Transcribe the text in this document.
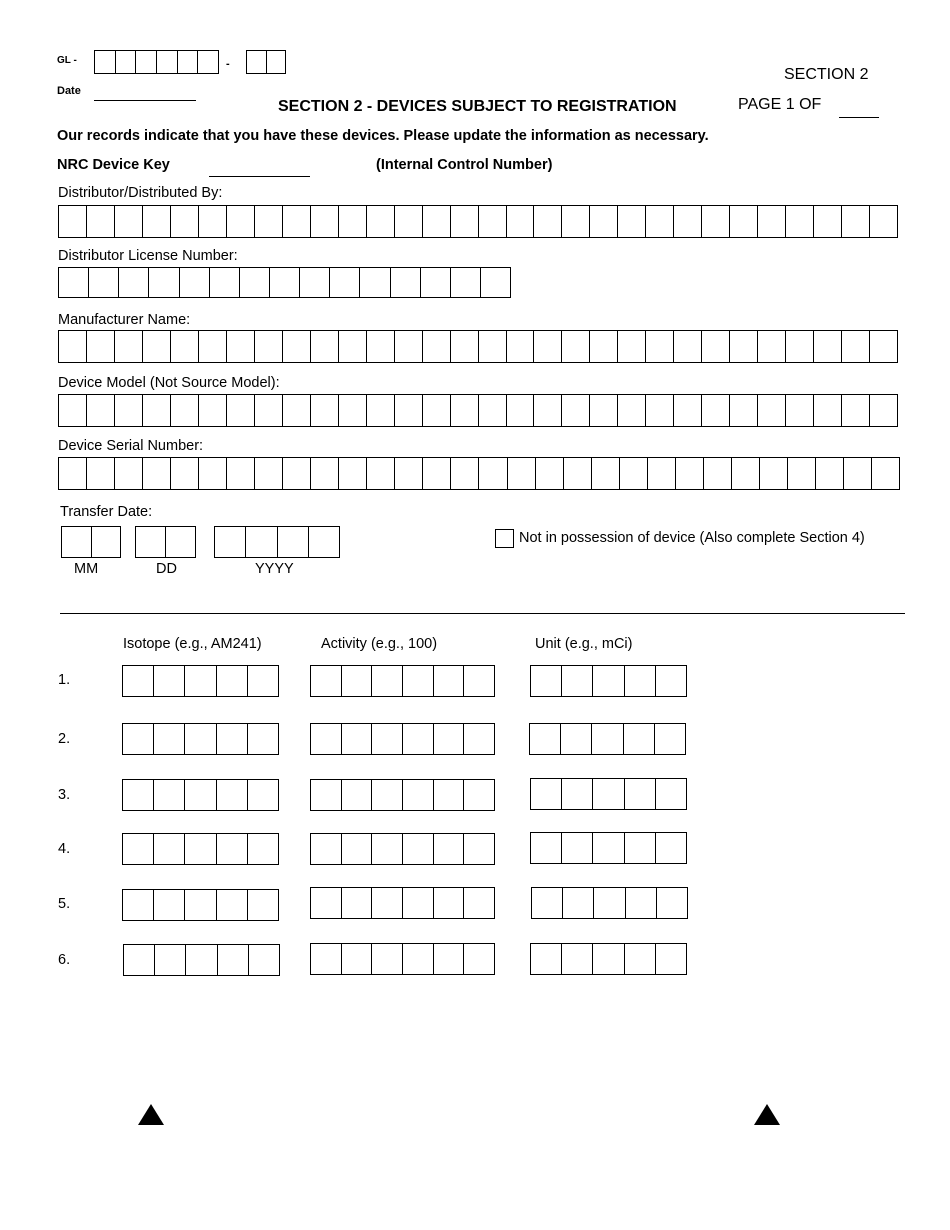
GL -	-
Date
SECTION 2
SECTION 2 - DEVICES SUBJECT TO REGISTRATION	PAGE 1 OF
Our records indicate that you have these devices. Please update the information as necessary.
NRC Device Key	(Internal Control Number)
Distributor/Distributed By:
Distributor License Number:
Manufacturer Name:
Device Model (Not Source Model):
Device Serial Number:
Transfer Date:
MM	DD	YYYY
Not in possession of device (Also complete Section 4)
Isotope (e.g., AM241)	Activity (e.g., 100)	Unit (e.g., mCi)
1.
2.
3.
4.
5.
6.
